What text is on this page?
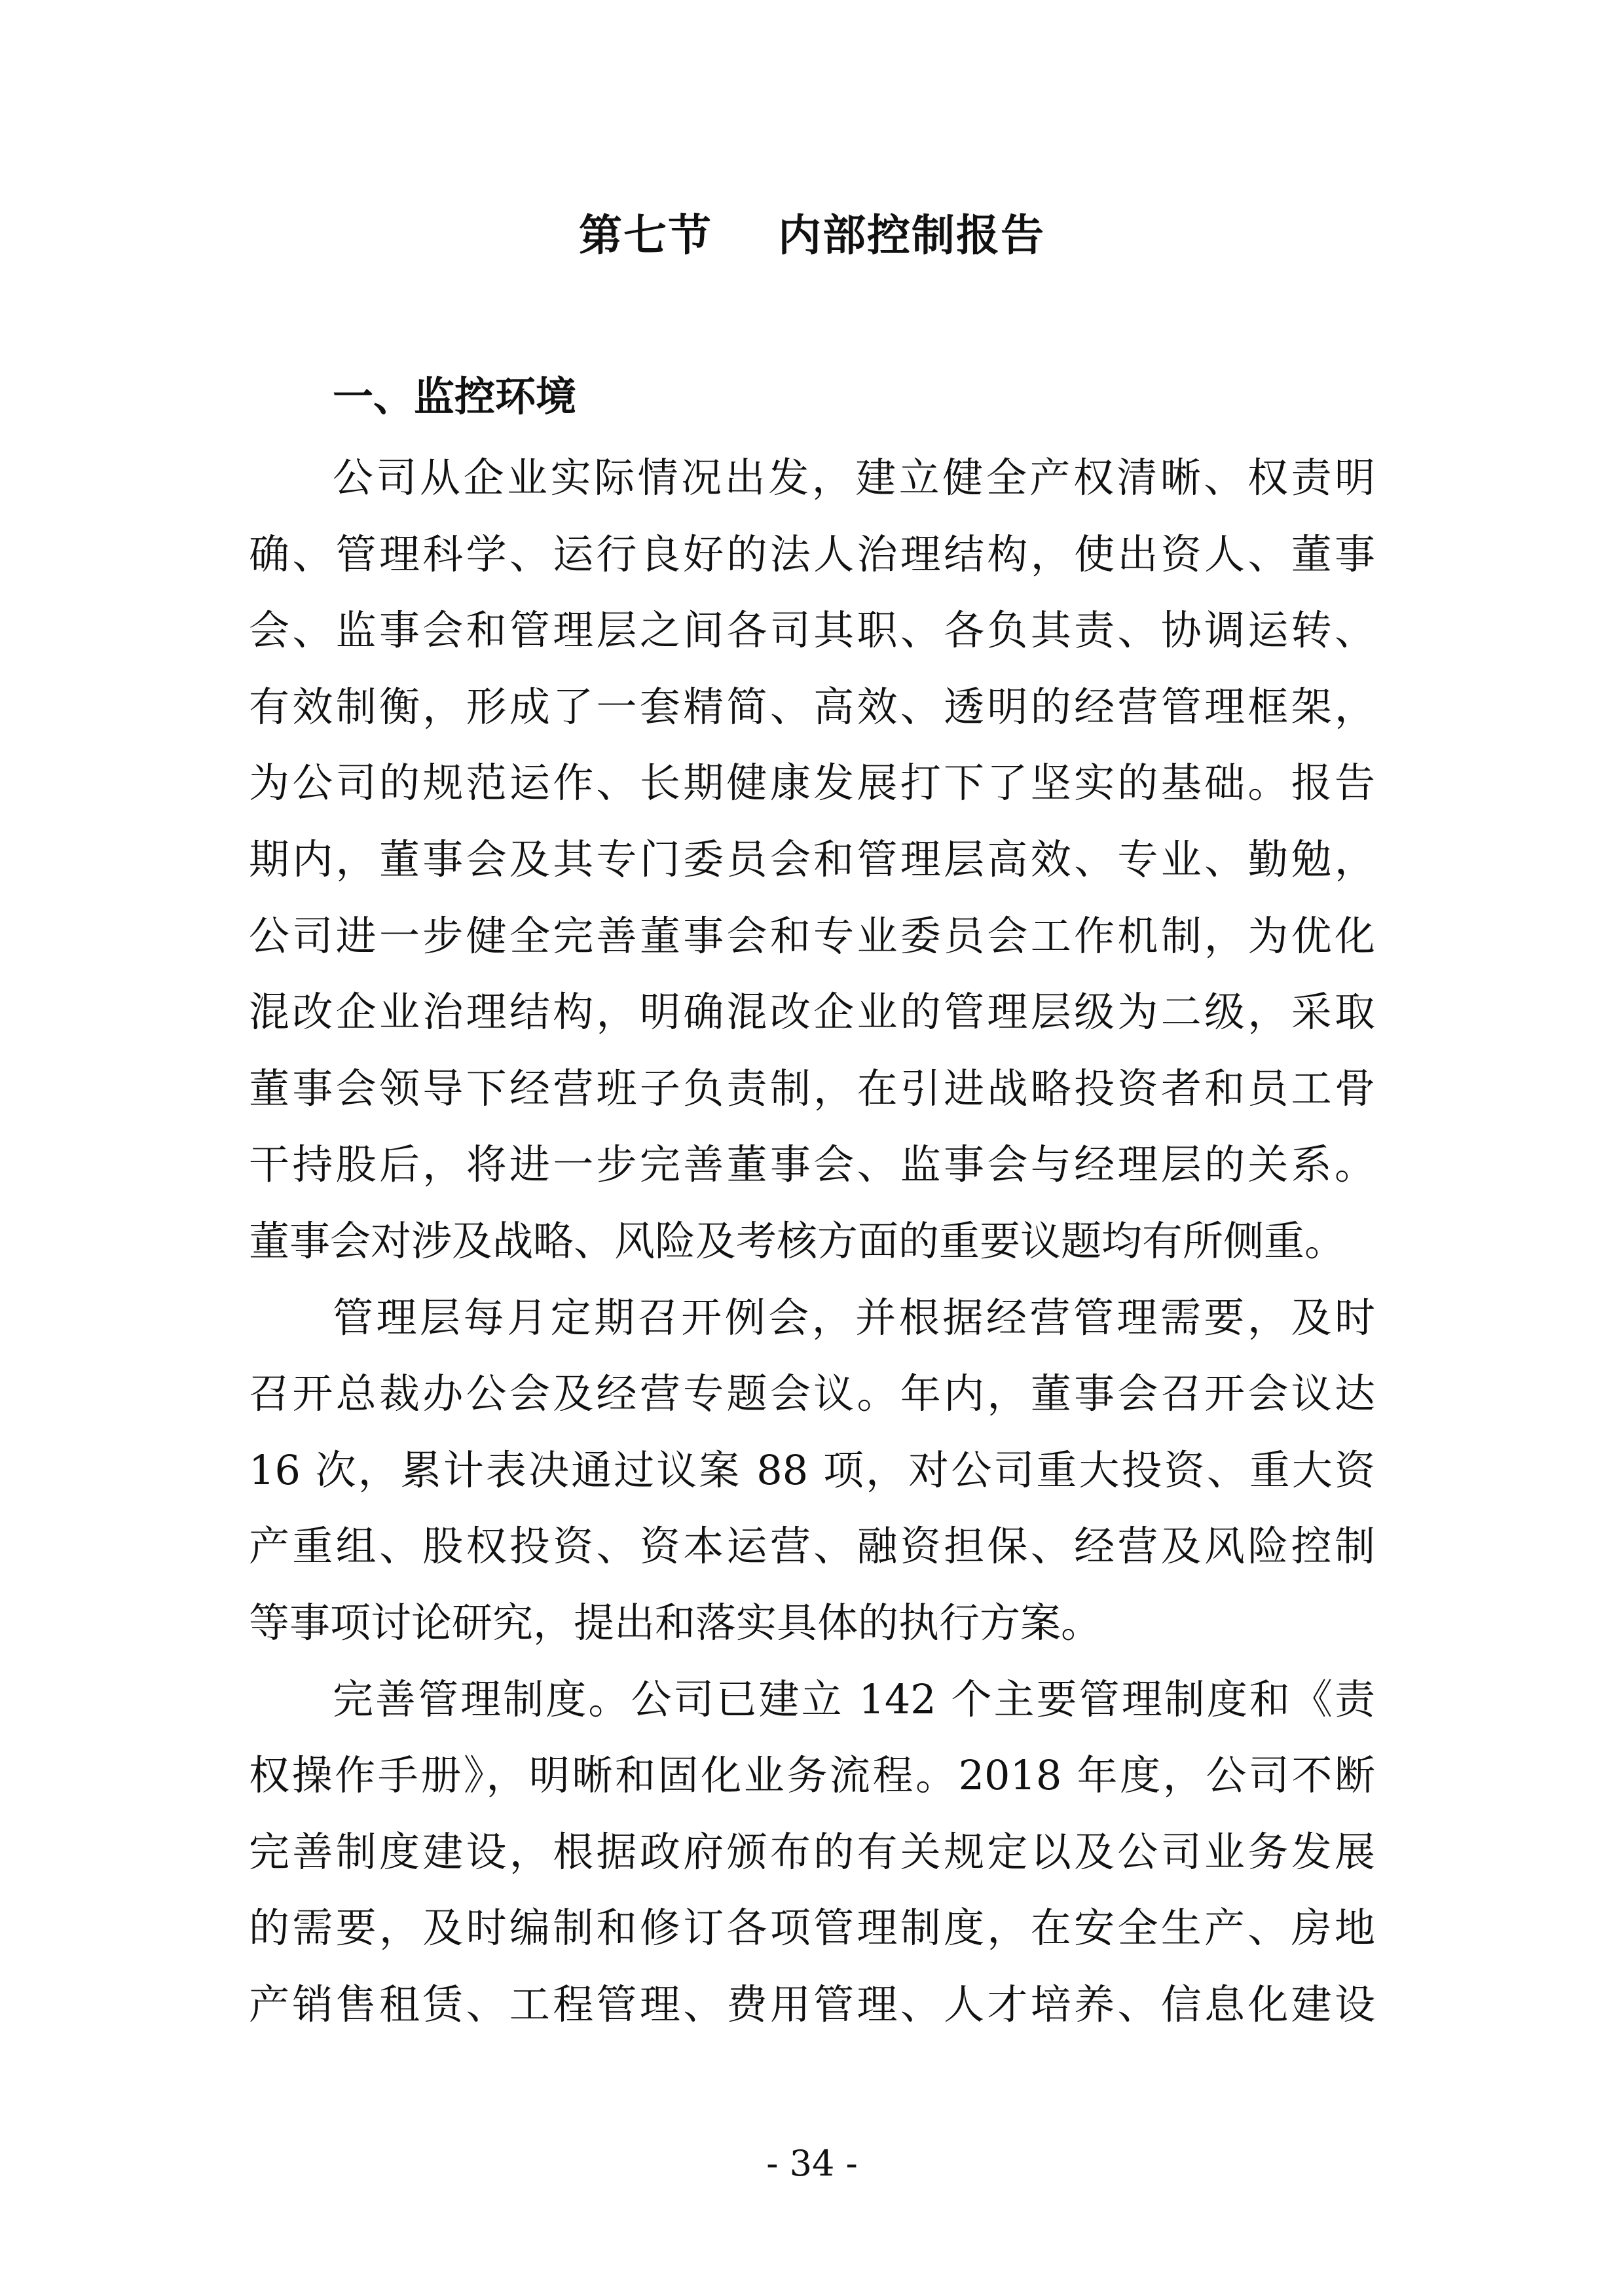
第七节    内部控制报告
一、监控环境
公司从企业实际情况出发，建立健全产权清晰、权责明
确、管理科学、运行良好的法人治理结构，使出资人、董事
会、监事会和管理层之间各司其职、各负其责、协调运转、
有效制衡，形成了一套精简、高效、透明的经营管理框架，
为公司的规范运作、长期健康发展打下了坚实的基础。报告
期内，董事会及其专门委员会和管理层高效、专业、勤勉，
公司进一步健全完善董事会和专业委员会工作机制，为优化
混改企业治理结构，明确混改企业的管理层级为二级，采取
董事会领导下经营班子负责制，在引进战略投资者和员工骨
干持股后，将进一步完善董事会、监事会与经理层的关系。
董事会对涉及战略、风险及考核方面的重要议题均有所侧重。
管理层每月定期召开例会，并根据经营管理需要，及时
召开总裁办公会及经营专题会议。年内，董事会召开会议达
16 次，累计表决通过议案 88 项，对公司重大投资、重大资
产重组、股权投资、资本运营、融资担保、经营及风险控制
等事项讨论研究，提出和落实具体的执行方案。
完善管理制度。公司已建立 142 个主要管理制度和《责
权操作手册》，明晰和固化业务流程。2018 年度，公司不断
完善制度建设，根据政府颁布的有关规定以及公司业务发展
的需要，及时编制和修订各项管理制度，在安全生产、房地
产销售租赁、工程管理、费用管理、人才培养、信息化建设
- 34 -
